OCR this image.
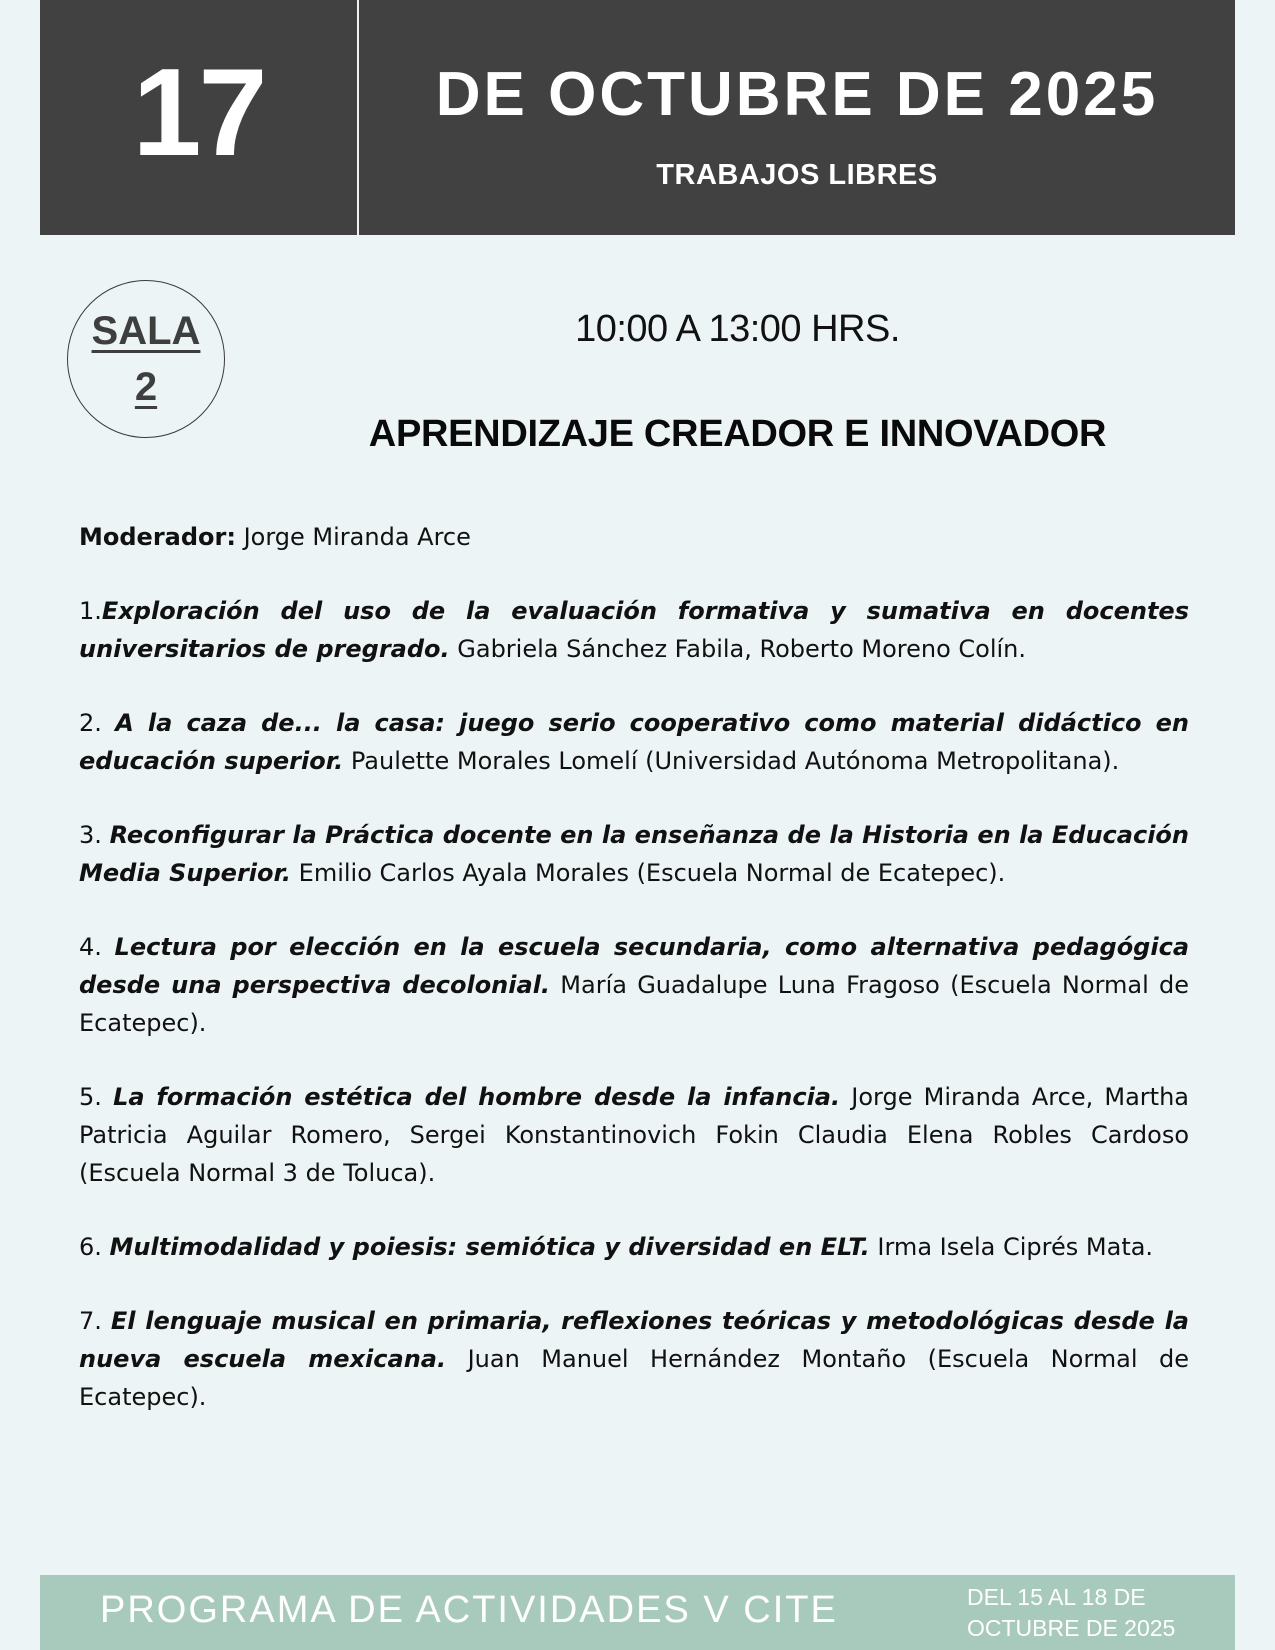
17	DE OCTUBRE DE 2025
TRABAJOS LIBRES
SALA
2
10:00 A 13:00 HRS.
APRENDIZAJE CREADOR E INNOVADOR

Moderador: Jorge Miranda Arce

1.Exploración del uso de la evaluación formativa y sumativa en docentes universitarios de pregrado. Gabriela Sánchez Fabila, Roberto Moreno Colín.

2. A la caza de... la casa: juego serio cooperativo como material didáctico en educación superior. Paulette Morales Lomelí (Universidad Autónoma Metropolitana).

3. Reconfigurar la Práctica docente en la enseñanza de la Historia en la Educación Media Superior. Emilio Carlos Ayala Morales (Escuela Normal de Ecatepec).

4. Lectura por elección en la escuela secundaria, como alternativa pedagógica desde una perspectiva decolonial. María Guadalupe Luna Fragoso (Escuela Normal de Ecatepec).

5. La formación estética del hombre desde la infancia. Jorge Miranda Arce, Martha Patricia Aguilar Romero, Sergei Konstantinovich Fokin Claudia Elena Robles Cardoso (Escuela Normal 3 de Toluca).

6. Multimodalidad y poiesis: semiótica y diversidad en ELT. Irma Isela Ciprés Mata.

7. El lenguaje musical en primaria, reflexiones teóricas y metodológicas desde la nueva escuela mexicana. Juan Manuel Hernández Montaño (Escuela Normal de Ecatepec).

PROGRAMA DE ACTIVIDADES V CITE	DEL 15 AL 18 DE
OCTUBRE DE 2025
